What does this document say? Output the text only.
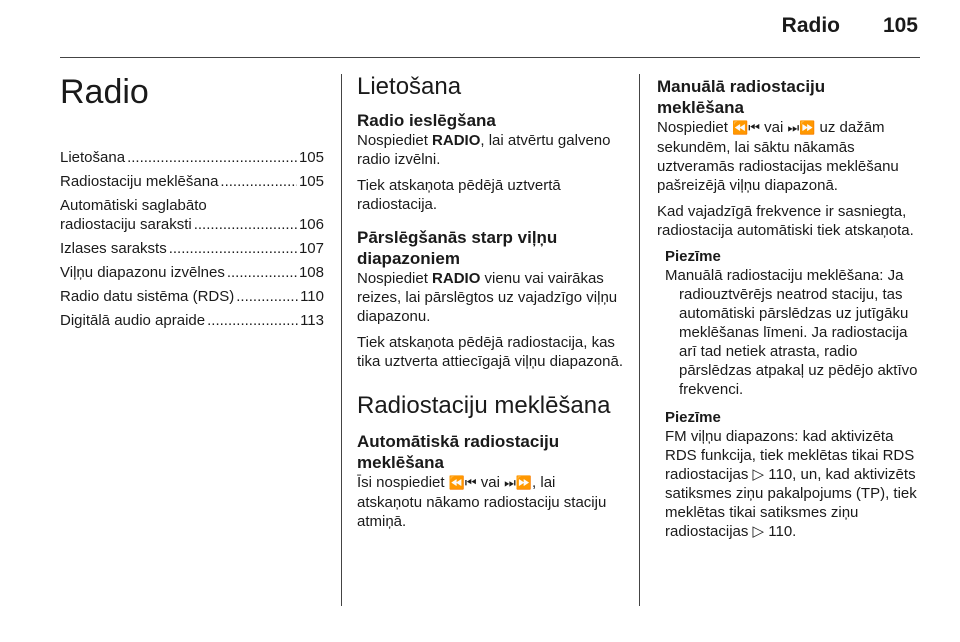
Radio	105
Radio
Lietošana .....	105
Radiostaciju meklēšana .....	105
Automātiski saglabāto
radiostaciju saraksti .....	106
Izlases saraksts .....	107
Viļņu diapazonu izvēlnes .....	108
Radio datu sistēma (RDS) .....	110
Digitālā audio apraide .....	113
Lietošana
Radio ieslēgšana

Nospiediet RADIO, lai atvērtu galveno radio izvēlni.

Tiek atskaņota pēdējā uztvertā radiostacija.

Pārslēgšanās starp viļņu
diapazoniem

Nospiediet RADIO vienu vai vairākas reizes, lai pārslēgtos uz vajadzīgo viļņu diapazonu.

Tiek atskaņota pēdējā radiostacija, kas tika uztverta attiecīgajā viļņu diapazonā.

Radiostaciju meklēšana
Automātiskā radiostaciju
meklēšana

Īsi nospiediet ⏪⏮ vai ⏭⏩, lai atskaņotu nākamo radiostaciju staciju atmiņā.

Manuālā radiostaciju
meklēšana

Nospiediet ⏪⏮ vai ⏭⏩ uz dažām sekundēm, lai sāktu nākamās uztveramās radiostacijas meklēšanu pašreizējā viļņu diapazonā.

Kad vajadzīgā frekvence ir sasniegta, radiostacija automātiski tiek atskaņota.

Piezīme

Manuālā radiostaciju meklēšana: Ja
radiouztvērējs neatrod staciju, tas automātiski pārslēdzas uz jutīgāku meklēšanas līmeni. Ja radiostacija arī tad netiek atrasta, radio pārslēdzas atpakaļ uz pēdējo aktīvo frekvenci.

Piezīme

FM viļņu diapazons: kad aktivizēta RDS funkcija, tiek meklētas tikai RDS radiostacijas ▷ 110, un, kad aktivizēts satiksmes ziņu pakalpojums (TP), tiek meklētas tikai satiksmes ziņu radiostacijas ▷ 110.
